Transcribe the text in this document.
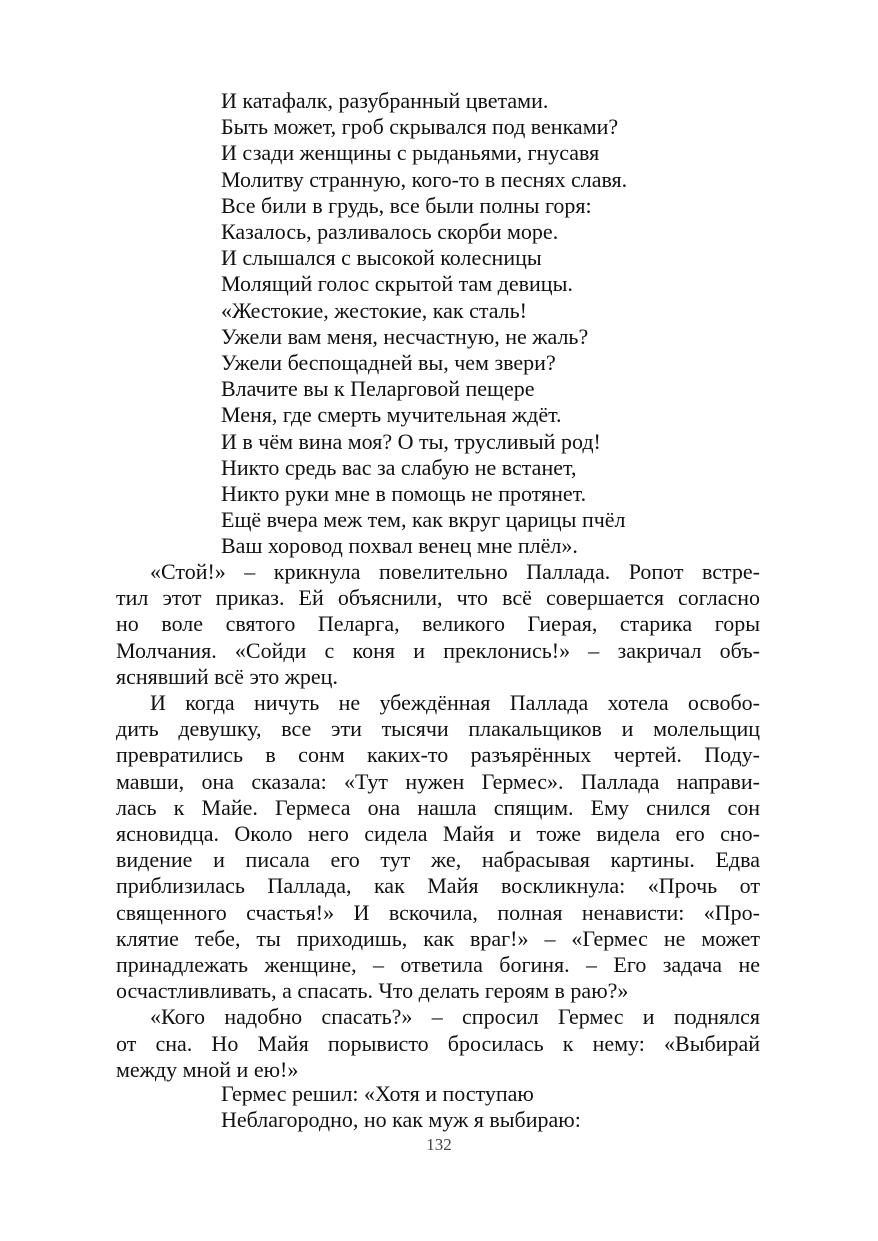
И катафалк, разубранный цветами.
Быть может, гроб скрывался под венками?
И сзади женщины с рыданьями, гнусавя
Молитву странную, кого-то в песнях славя.
Все били в грудь, все были полны горя:
Казалось, разливалось скорби море.
И слышался с высокой колесницы
Молящий голос скрытой там девицы.
«Жестокие, жестокие, как сталь!
Ужели вам меня, несчастную, не жаль?
Ужели беспощадней вы, чем звери?
Влачите вы к Пеларговой пещере
Меня, где смерть мучительная ждёт.
И в чём вина моя? О ты, трусливый род!
Никто средь вас за слабую не встанет,
Никто руки мне в помощь не протянет.
Ещё вчера меж тем, как вкруг царицы пчёл
Ваш хоровод похвал венец мне плёл».

«Стой!» – крикнула повелительно Паллада. Ропот встре-
тил этот приказ. Ей объяснили, что всё совершается согласно
но воле святого Пеларга, великого Гиерая, старика горы
Молчания. «Сойди с коня и преклонись!» – закричал объ-
яснявший всё это жрец.

И когда ничуть не убеждённая Паллада хотела освобо-
дить девушку, все эти тысячи плакальщиков и молельщиц
превратились в сонм каких-то разъярённых чертей. Поду-
мавши, она сказала: «Тут нужен Гермес». Паллада направи-
лась к Майе. Гермеса она нашла спящим. Ему снился сон
ясновидца. Около него сидела Майя и тоже видела его сно-
видение и писала его тут же, набрасывая картины. Едва
приблизилась Паллада, как Майя воскликнула: «Прочь от
священного счастья!» И вскочила, полная ненависти: «Про-
клятие тебе, ты приходишь, как враг!» – «Гермес не может
принадлежать женщине, – ответила богиня. – Его задача не
осчастливливать, а спасать. Что делать героям в раю?»

«Кого надобно спасать?» – спросил Гермес и поднялся
от сна. Но Майя порывисто бросилась к нему: «Выбирай
между мной и ею!»

Гермес решил: «Хотя и поступаю
Неблагородно, но как муж я выбираю:
132
